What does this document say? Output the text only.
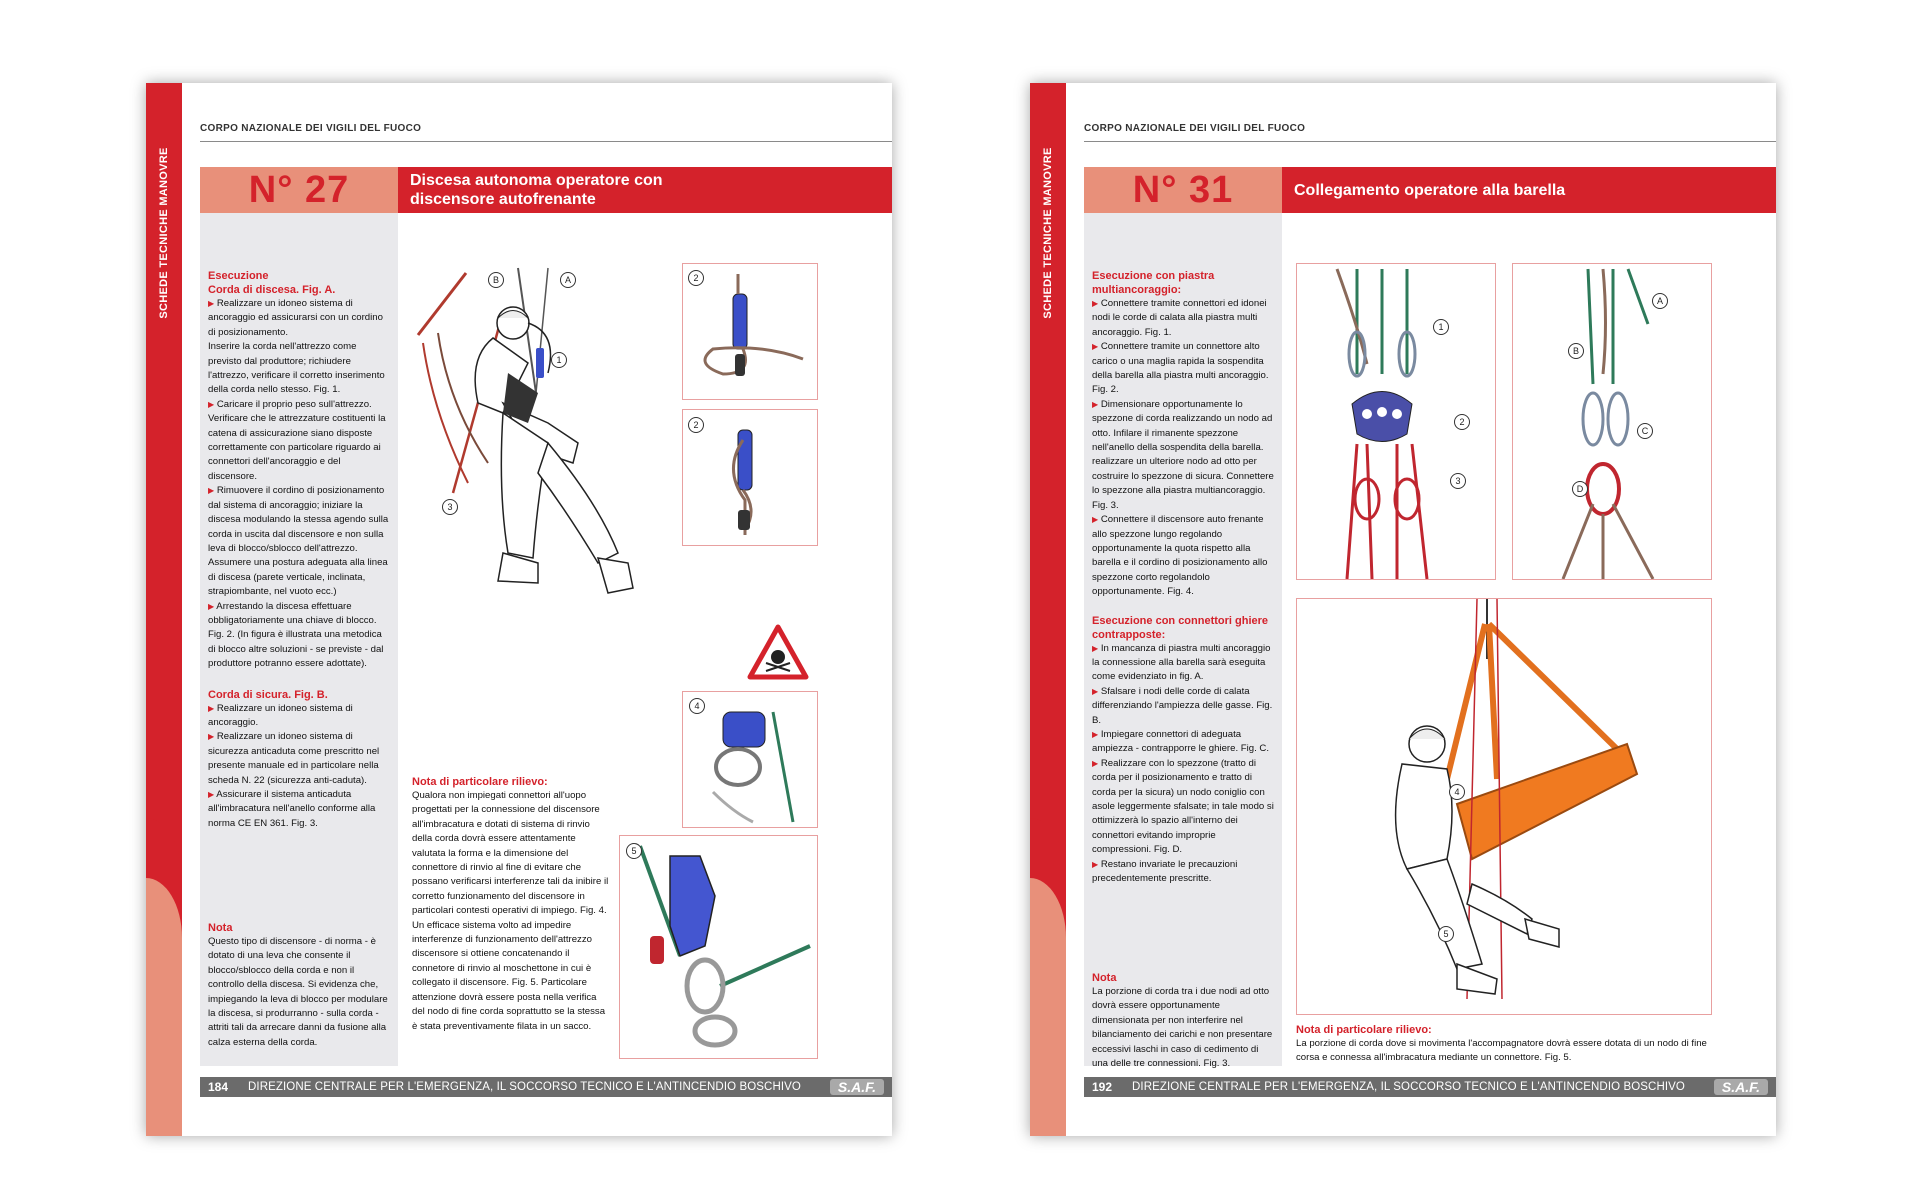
SCHEDE TECNICHE MANOVRE
CORPO NAZIONALE DEI VIGILI DEL FUOCO
N° 27	Discesa autonoma operatore con
discensore autofrenante
Esecuzione
Corda di discesa. Fig. A.

▶ Realizzare un idoneo sistema di ancoraggio ed assicurarsi con un cordino di posizionamento.

Inserire la corda nell'attrezzo come previsto dal produttore; richiudere l'attrezzo, verificare il corretto inserimento della corda nello stesso. Fig. 1.

▶ Caricare il proprio peso sull'attrezzo. Verificare che le attrezzature costituenti la catena di assicurazione siano disposte correttamente con particolare riguardo ai connettori dell'ancoraggio e del discensore.

▶ Rimuovere il cordino di posizionamento dal sistema di ancoraggio; iniziare la discesa modulando la stessa agendo sulla corda in uscita dal discensore e non sulla leva di blocco/sblocco dell'attrezzo. Assumere una postura adeguata alla linea di discesa (parete verticale, inclinata, strapiombante, nel vuoto ecc.)

▶ Arrestando la discesa effettuare obbligatoriamente una chiave di blocco. Fig. 2. (In figura è illustrata una metodica di blocco altre soluzioni - se previste - dal produttore potranno essere adottate).

Corda di sicura. Fig. B.

▶ Realizzare un idoneo sistema di ancoraggio.

▶ Realizzare un idoneo sistema di sicurezza anticaduta come prescritto nel presente manuale ed in particolare nella scheda N. 22 (sicurezza anti-caduta).

▶ Assicurare il sistema anticaduta all'imbracatura nell'anello conforme alla norma CE EN 361. Fig. 3.

Nota

Questo tipo di discensore - di norma - è dotato di una leva che consente il blocco/sblocco della corda e non il controllo della discesa. Si evidenza che, impiegando la leva di blocco per modulare la discesa, si produrranno - sulla corda - attriti tali da arrecare danni da fusione alla calza esterna della corda.

Nota di particolare rilievo:

Qualora non impiegati connettori all'uopo progettati per la connessione del discensore all'imbracatura e dotati di sistema di rinvio della corda dovrà essere attentamente valutata la forma e la dimensione del connettore di rinvio al fine di evitare che possano verificarsi interferenze tali da inibire il corretto funzionamento del discensore in particolari contesti operativi di impiego. Fig. 4. Un efficace sistema volto ad impedire interferenze di funzionamento dell'attrezzo discensore si ottiene concatenando il connetore di rinvio al moschettone in cui è collegato il discensore. Fig. 5. Particolare attenzione dovrà essere posta nella verifica del nodo di fine corda soprattutto se la stessa è stata preventivamente filata in un sacco.

B	A
1
3
2
2
4
5
184 DIREZIONE CENTRALE PER L'EMERGENZA, IL SOCCORSO TECNICO E L'ANTINCENDIO BOSCHIVO	S.A.F.
SCHEDE TECNICHE MANOVRE
CORPO NAZIONALE DEI VIGILI DEL FUOCO
N° 31	Collegamento operatore alla barella
Esecuzione con piastra multiancoraggio:

▶ Connettere tramite connettori ed idonei nodi le corde di calata alla piastra multi ancoraggio. Fig. 1.

▶ Connettere tramite un connettore alto carico o una maglia rapida la sospendita della barella alla piastra multi ancoraggio. Fig. 2.

▶ Dimensionare opportunamente lo spezzone di corda realizzando un nodo ad otto. Infilare il rimanente spezzone nell'anello della sospendita della barella. realizzare un ulteriore nodo ad otto per costruire lo spezzone di sicura. Connettere lo spezzone alla piastra multiancoraggio. Fig. 3.

▶ Connettere il discensore auto frenante allo spezzone lungo regolando opportunamente la quota rispetto alla barella e il cordino di posizionamento allo spezzone corto regolandolo opportunamente. Fig. 4.

Esecuzione con connettori ghiere contrapposte:

▶ In mancanza di piastra multi ancoraggio la connessione alla barella sarà eseguita come evidenziato in fig. A.

▶ Sfalsare i nodi delle corde di calata differenziando l'ampiezza delle gasse. Fig. B.

▶ Impiegare connettori di adeguata ampiezza - contrapporre le ghiere. Fig. C.

▶ Realizzare con lo spezzone (tratto di corda per il posizionamento e tratto di corda per la sicura) un nodo coniglio con asole leggermente sfalsate; in tale modo si ottimizzerà lo spazio all'interno dei connettori evitando improprie compressioni. Fig. D.

▶ Restano invariate le precauzioni precedentemente prescritte.

Nota

La porzione di corda tra i due nodi ad otto dovrà essere opportunamente dimensionata per non interferire nel bilanciamento dei carichi e non presentare eccessivi laschi in caso di cedimento di una delle tre connessioni. Fig. 3.

Nota di particolare rilievo:

La porzione di corda dove si movimenta l'accompagnatore dovrà essere dotata di un nodo di fine corsa e connessa all'imbracatura mediante un connettore. Fig. 5.

1
2
3
A
B
C
D
4
5
192 DIREZIONE CENTRALE PER L'EMERGENZA, IL SOCCORSO TECNICO E L'ANTINCENDIO BOSCHIVO	S.A.F.
